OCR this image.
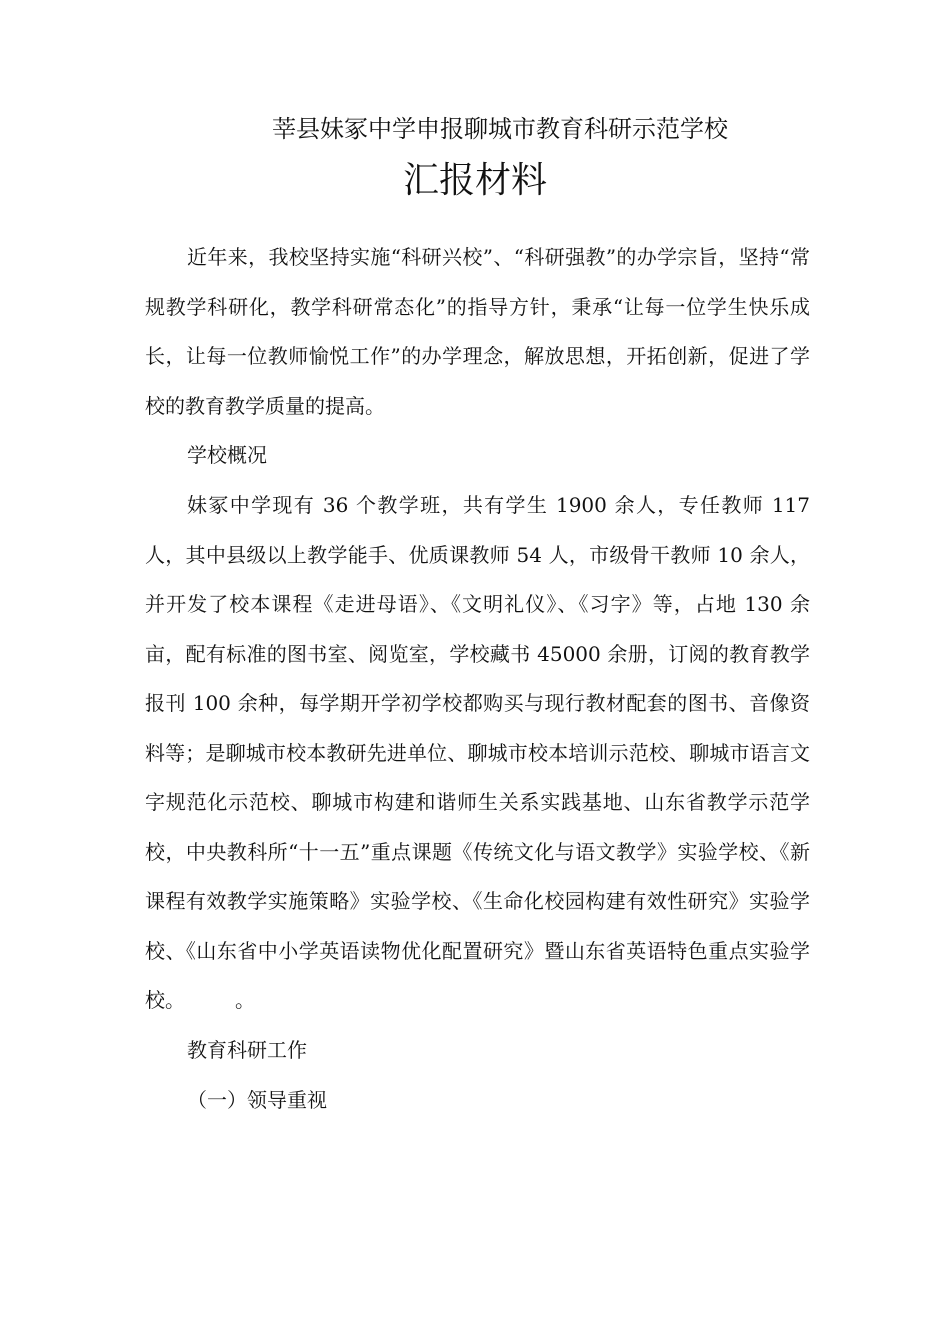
莘县妹冢中学申报聊城市教育科研示范学校
汇报材料

近年来，我校坚持实施“科研兴校”、“科研强教”的办学宗旨，坚持“常规教学科研化，教学科研常态化”的指导方针，秉承“让每一位学生快乐成长，让每一位教师愉悦工作”的办学理念，解放思想，开拓创新，促进了学校的教育教学质量的提高。

学校概况

妹冢中学现有 36 个教学班，共有学生 1900 余人，专任教师 117 人，其中县级以上教学能手、优质课教师 54 人，市级骨干教师 10 余人，并开发了校本课程《走进母语》、《文明礼仪》、《习字》等，占地 130 余亩，配有标准的图书室、阅览室，学校藏书 45000 余册，订阅的教育教学报刊 100 余种，每学期开学初学校都购买与现行教材配套的图书、音像资料等；是聊城市校本教研先进单位、聊城市校本培训示范校、聊城市语言文字规范化示范校、聊城市构建和谐师生关系实践基地、山东省教学示范学校，中央教科所“十一五”重点课题《传统文化与语文教学》实验学校、《新课程有效教学实施策略》实验学校、《生命化校园构建有效性研究》实验学校、《山东省中小学英语读物优化配置研究》暨山东省英语特色重点实验学校。　　　。

教育科研工作

（一）领导重视
